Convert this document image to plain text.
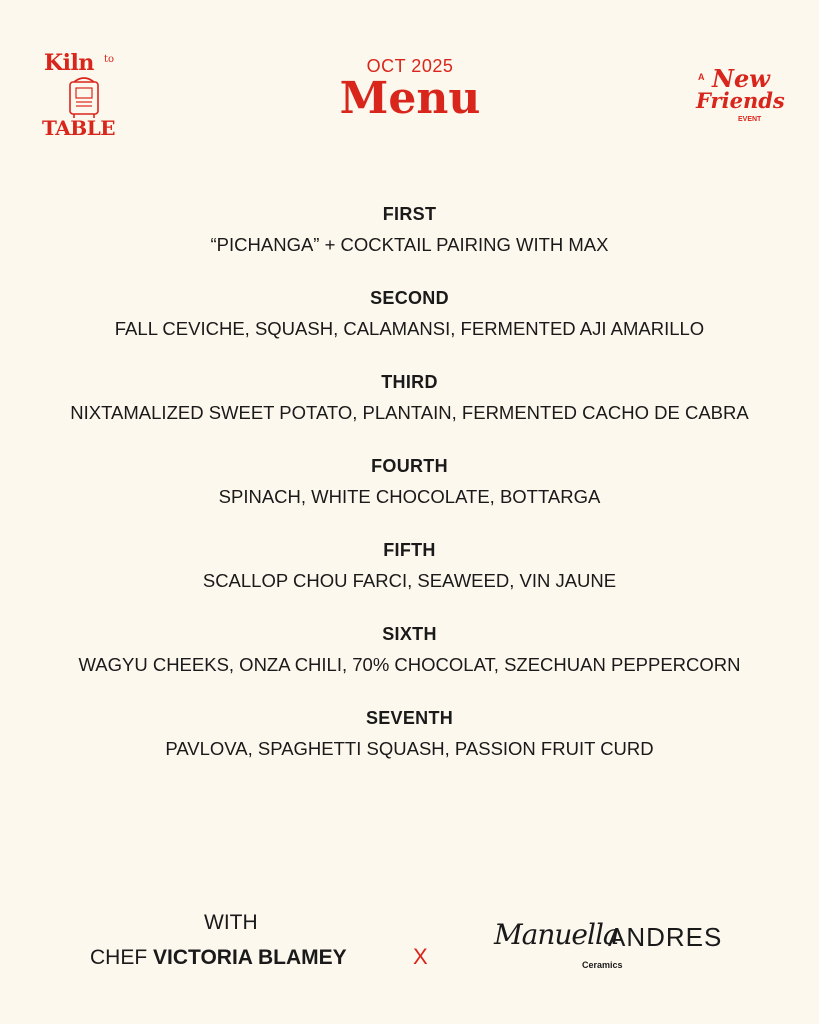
Kiln to
TABLE
OCT 2025
Menu	A New
Friends
EVENT
FIRST
“PICHANGA” + COCKTAIL PAIRING WITH MAX
SECOND
FALL CEVICHE, SQUASH, CALAMANSI, FERMENTED AJI AMARILLO
THIRD
NIXTAMALIZED SWEET POTATO, PLANTAIN, FERMENTED CACHO DE CABRA
FOURTH
SPINACH, WHITE CHOCOLATE, BOTTARGA
FIFTH
SCALLOP CHOU FARCI, SEAWEED, VIN JAUNE
SIXTH
WAGYU CHEEKS, ONZA CHILI, 70% CHOCOLAT, SZECHUAN PEPPERCORN
SEVENTH
PAVLOVA, SPAGHETTI SQUASH, PASSION FRUIT CURD
WITH
CHEF VICTORIA BLAMEY	X
Manuella
ANDRES
Ceramics
